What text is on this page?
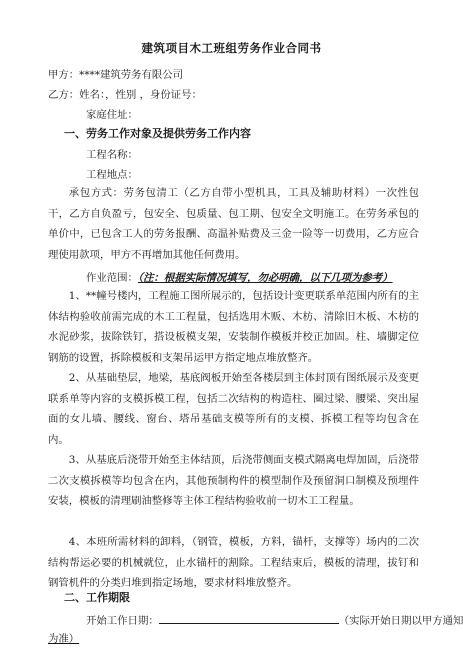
建筑项目木工班组劳务作业合同书
甲方：****建筑劳务有限公司
乙方：姓名：，性别 ，身份证号：
家庭住址：
一、劳务工作对象及提供劳务工作内容
工程名称：
工程地点：
承包方式：劳务包清工（乙方自带小型机具，工具及辅助材料）一次性包干，乙方自负盈亏，包安全、包质量、包工期、包安全文明施工。在劳务承包的单价中，已包含工人的劳务报酬、高温补贴费及三金一险等一切费用，乙方应合理使用款项，甲方不再增加其他任何费用。
作业范围：（注：根据实际情况填写，勿必明确，以下几项为参考）
1、**幢号楼内，工程施工图所展示的，包括设计变更联系单范围内所有的主体结构验收前需完成的木工工程量，包括选用木贩、木枋、清除旧木板、木枋的水泥砂浆，拔除铁钉，搭设板模支架，安装制作模板并校正加固。柱、墙脚定位钢筋的设置，拆除模板和支架吊运甲方指定地点堆放整齐。
2、从基础垫层，地梁，基底阀板开始至各楼层到主体封顶有图纸展示及变更联系单等内容的支模拆模工程，包括二次结构的构造柱、圈过梁、腰梁、突出屋面的女儿墙、腰线、窗台、塔吊基础支模等所有的支模、拆模工程等均包含在内。
3、从基底后浇带开始至主体结顶，后浇带侧面支模式隔离电焊加固，后浇带二次支模拆模等均包含在内，其他预制构件的模型制作及预留洞口制模及预埋件安装，模板的清理刷油整修等主体工程结构验收前一切木工工程量。
4、本班所需材料的卸料，（钢管，模板，方料，锚杆，支撑等）场内的二次结构帮运必要的机械就位，止水锚杆的割除。工程结束后，模板的清理，拔钉和钢管机件的分类归堆到指定场地，要求材料堆放整齐。
二、工作期限
开始工作日期：	（实际开始日期以甲方通知
为准）
